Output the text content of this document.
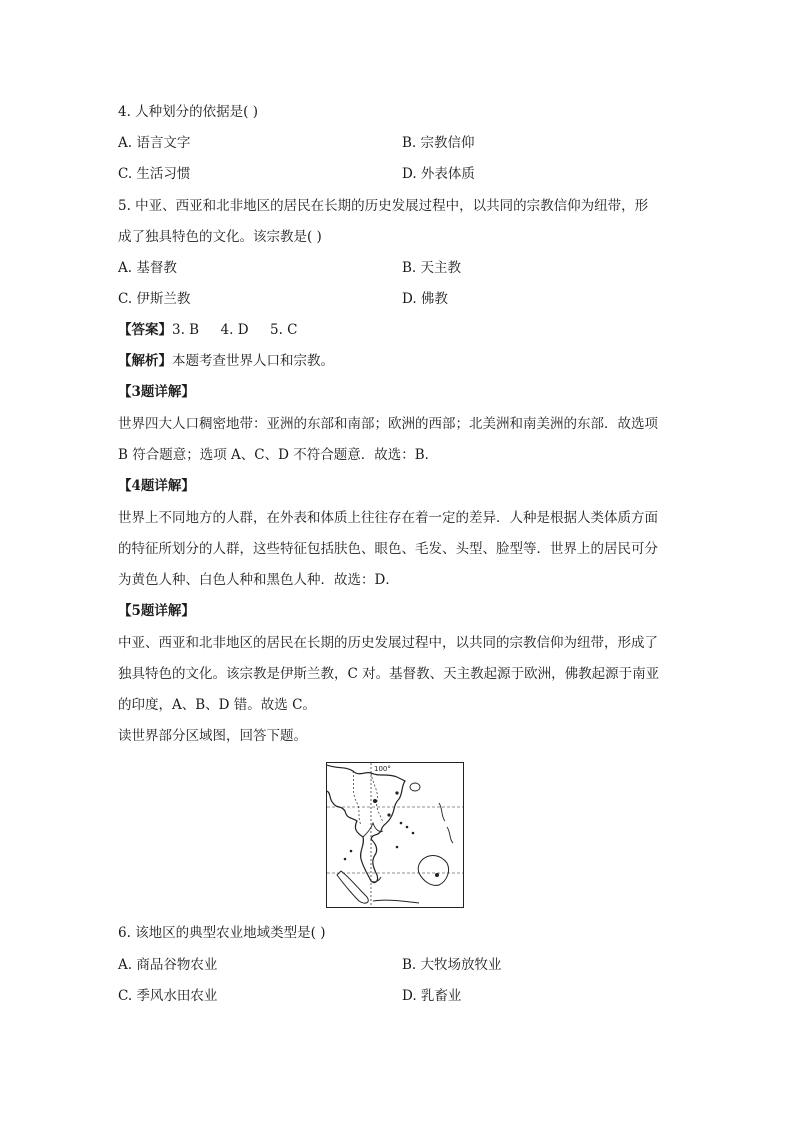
4. 人种划分的依据是( )
A. 语言文字	B. 宗教信仰
C. 生活习惯	D. 外表体质
5. 中亚、西亚和北非地区的居民在长期的历史发展过程中，以共同的宗教信仰为纽带，形
成了独具特色的文化。该宗教是( )
A. 基督教	B. 天主教
C. 伊斯兰教	D. 佛教
【答案】3. B     4. D     5. C
【解析】本题考查世界人口和宗教。
【3题详解】
世界四大人口稠密地带：亚洲的东部和南部；欧洲的西部；北美洲和南美洲的东部．故选项
B 符合题意；选项 A、C、D 不符合题意．故选：B．
【4题详解】
世界上不同地方的人群，在外表和体质上往往存在着一定的差异．人种是根据人类体质方面
的特征所划分的人群，这些特征包括肤色、眼色、毛发、头型、脸型等．世界上的居民可分
为黄色人种、白色人种和黑色人种．故选：D．
【5题详解】
中亚、西亚和北非地区的居民在长期的历史发展过程中，以共同的宗教信仰为纽带，形成了
独具特色的文化。该宗教是伊斯兰教，C 对。基督教、天主教起源于欧洲，佛教起源于南亚
的印度，A、B、D 错。故选 C。
读世界部分区域图，回答下题。
100°
6. 该地区的典型农业地域类型是( )
A. 商品谷物农业	B. 大牧场放牧业
C. 季风水田农业	D. 乳畜业
